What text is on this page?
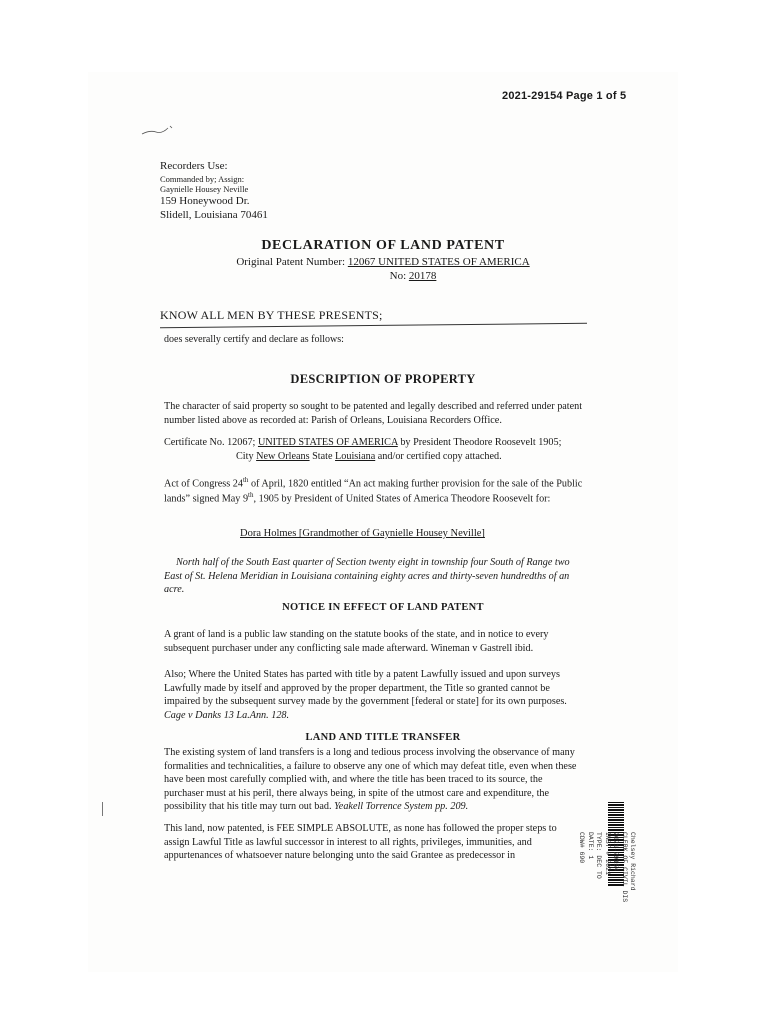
2021-29154 Page 1 of 5
Recorders Use:
Commanded by; Assign:
Gaynielle Housey Neville
159 Honeywood Dr.
Slidell, Louisiana 70461
DECLARATION OF LAND PATENT
Original Patent Number: 12067 UNITED STATES OF AMERICA
No: 20178
KNOW ALL MEN BY THESE PRESENTS;
does severally certify and declare as follows:
DESCRIPTION OF PROPERTY
The character of said property so sought to be patented and legally described and referred under patent number listed above as recorded at: Parish of Orleans, Louisiana Recorders Office.
Certificate No. 12067; UNITED STATES OF AMERICA by President Theodore Roosevelt 1905;
City New Orleans State Louisiana and/or certified copy attached.
Act of Congress 24th of April, 1820 entitled “An act making further provision for the sale of the Public lands” signed May 9th, 1905 by President of United States of America Theodore Roosevelt for:
Dora Holmes [Grandmother of Gaynielle Housey Neville]
North half of the South East quarter of Section twenty eight in township four South of Range two East of St. Helena Meridian in Louisiana containing eighty acres and thirty-seven hundredths of an acre.
NOTICE IN EFFECT OF LAND PATENT
A grant of land is a public law standing on the statute books of the state, and in notice to every subsequent purchaser under any conflicting sale made afterward. Wineman v Gastrell ibid.
Also; Where the United States has parted with title by a patent Lawfully issued and upon surveys Lawfully made by itself and approved by the proper department, the Title so granted cannot be impaired by the subsequent survey made by the government [federal or state] for its own purposes. Cage v Danks 13 La.Ann. 128.
LAND AND TITLE TRANSFER
The existing system of land transfers is a long and tedious process involving the observance of many formalities and technicalities, a failure to observe any one of which may defeat title, even when these have been most carefully complied with, and where the title has been traced to its source, the purchaser must at his peril, there always being, in spite of the utmost care and expenditure, the possibility that his title may turn out bad. Yeakell Torrence System pp. 209.
This land, now patented, is FEE SIMPLE ABSOLUTE, as none has followed the proper steps to assign Lawful Title as lawful successor in interest to all rights, privileges, immunities, and appurtenances of whatsoever nature belonging unto the said Grantee as predecessor in	Chelsey Richard
CLERK OF CIVIL DIS
2021-29154
INST # 2021
TYPE: DEC TO
DATE: 1
CDW# 690
